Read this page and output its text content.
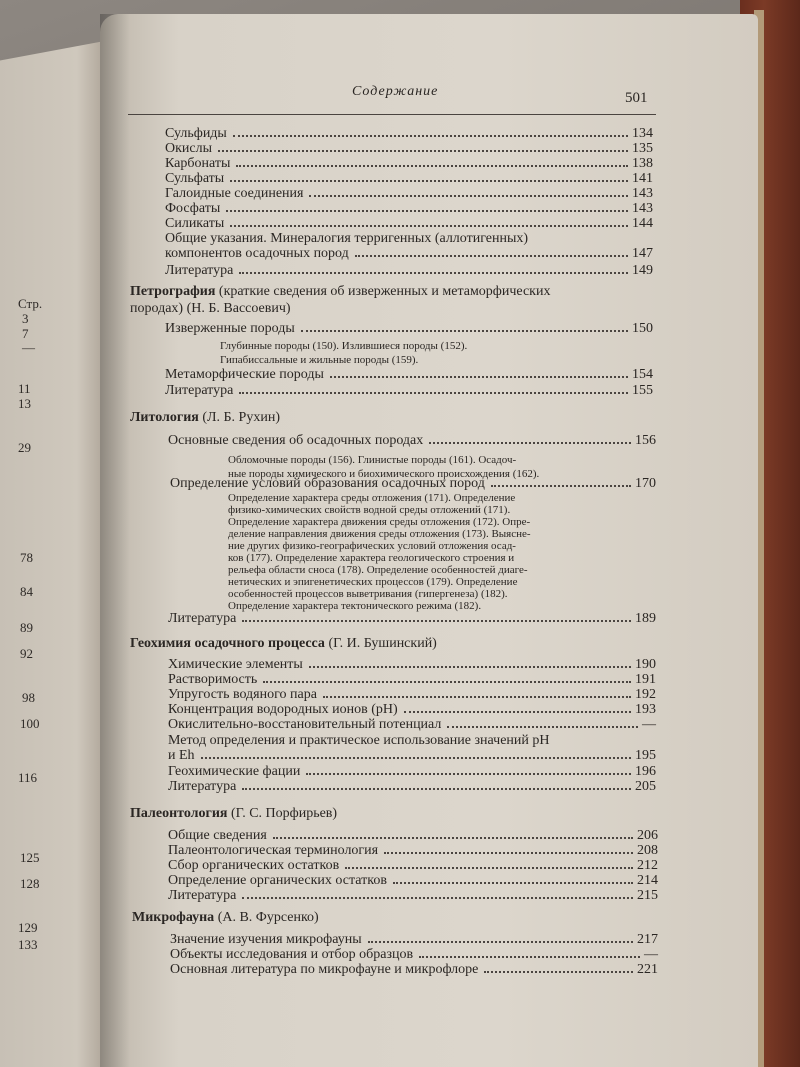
Стр.
3
7
—
11
13
29
78
84
89
92
98
100
116
125
128
129
133
Содержание	501
Сульфиды	134
Окислы	135
Карбонаты	138
Сульфаты	141
Галоидные соединения	143
Фосфаты	143
Силикаты	144
Общие указания. Минералогия терригенных (аллотигенных)
компонентов осадочных пород	147
Литература	149
Петрография (краткие сведения об изверженных и метаморфических
породах) (Н. Б. Вассоевич)
Изверженные породы	150
Глубинные породы (150). Излившиеся породы (152).
Гипабиссальные и жильные породы (159).
Метаморфические породы	154
Литература	155
Литология (Л. Б. Рухин)
Основные сведения об осадочных породах	156
Обломочные породы (156). Глинистые породы (161). Осадоч-
ные породы химического и биохимического происхождения (162).
Определение условий образования осадочных пород	170
Определение характера среды отложения (171). Определение
физико-химических свойств водной среды отложений (171).
Определение характера движения среды отложения (172). Опре-
деление направления движения среды отложения (173). Выясне-
ние других физико-географических условий отложения осад-
ков (177). Определение характера геологического строения и
рельефа области сноса (178). Определение особенностей диаге-
нетических и эпигенетических процессов (179). Определение
особенностей процессов выветривания (гипергенеза) (182).
Определение характера тектонического режима (182).
Литература	189
Геохимия осадочного процесса (Г. И. Бушинский)
Химические элементы	190
Растворимость	191
Упругость водяного пара	192
Концентрация водородных ионов (рН)	193
Окислительно-восстановительный потенциал	—
Метод определения и практическое использование значений рН
и Eh	195
Геохимические фации	196
Литература	205
Палеонтология (Г. С. Порфирьев)
Общие сведения	206
Палеонтологическая терминология	208
Сбор органических остатков	212
Определение органических остатков	214
Литература	215
Микрофауна (А. В. Фурсенко)
Значение изучения микрофауны	217
Объекты исследования и отбор образцов	—
Основная литература по микрофауне и микрофлоре	221
